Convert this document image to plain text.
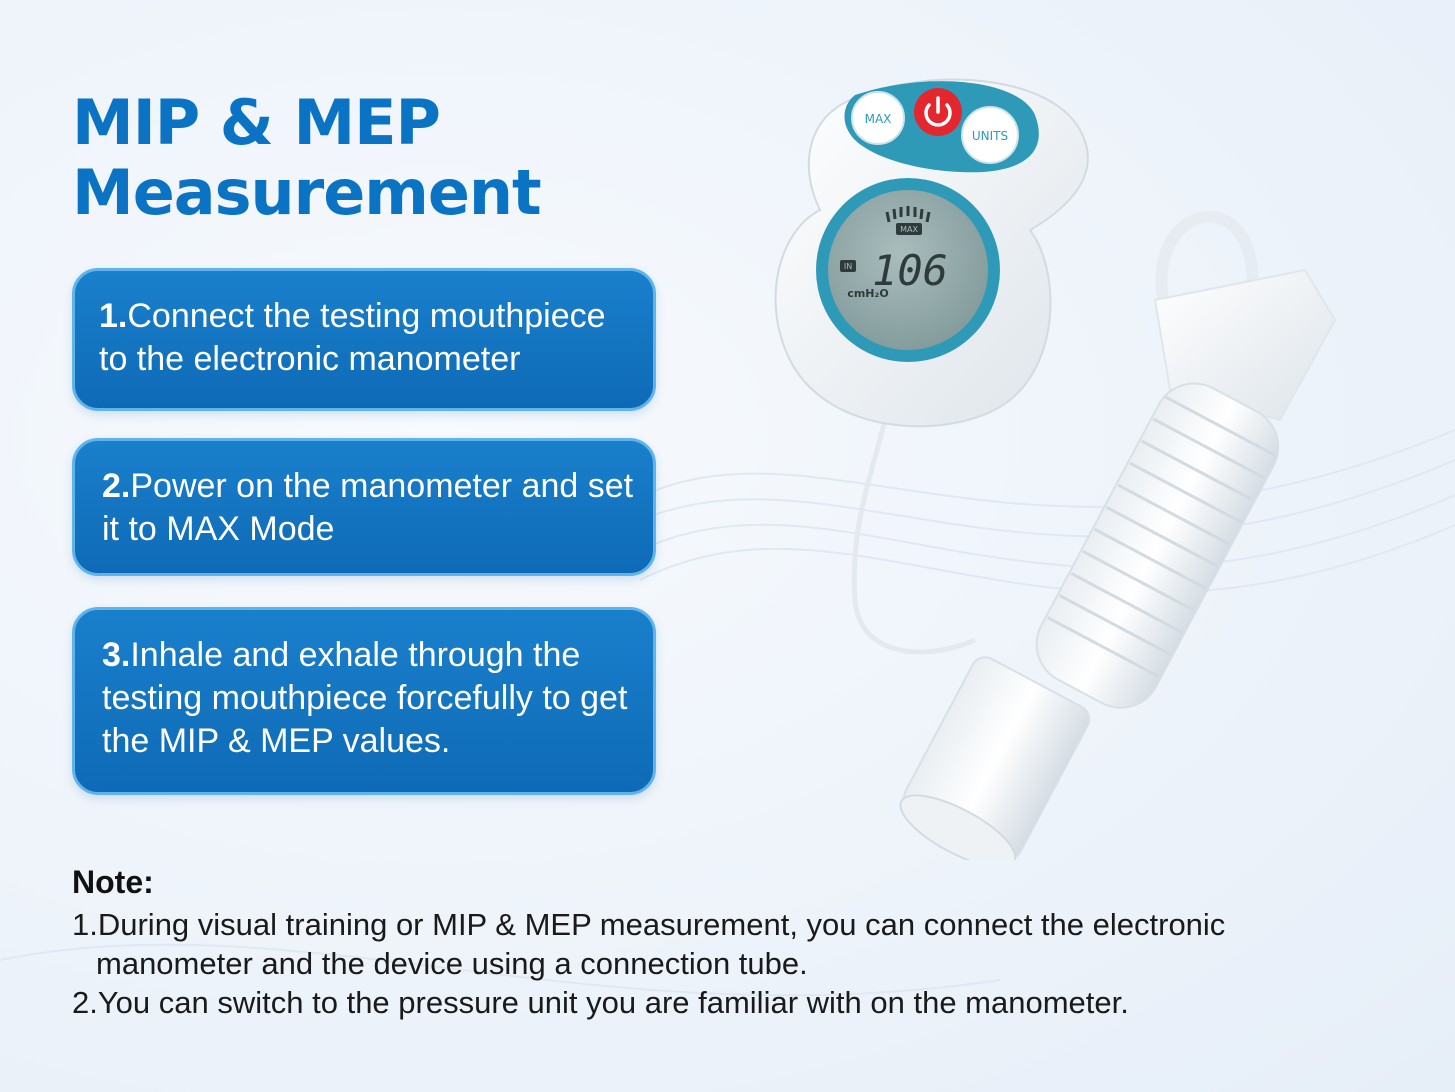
MIP & MEP
Measurement
1.Connect the testing mouthpiece to the electronic manometer
2.Power on the manometer and set it to MAX Mode
3.Inhale and exhale through the testing mouthpiece forcefully to get the MIP & MEP values.
Note:
1.During visual training or MIP & MEP measurement, you can connect the electronic manometer and the device using a connection tube.
2.You can switch to the pressure unit you are familiar with on the manometer.
MAX
UNITS
MAX
IN 106
cmH₂O
